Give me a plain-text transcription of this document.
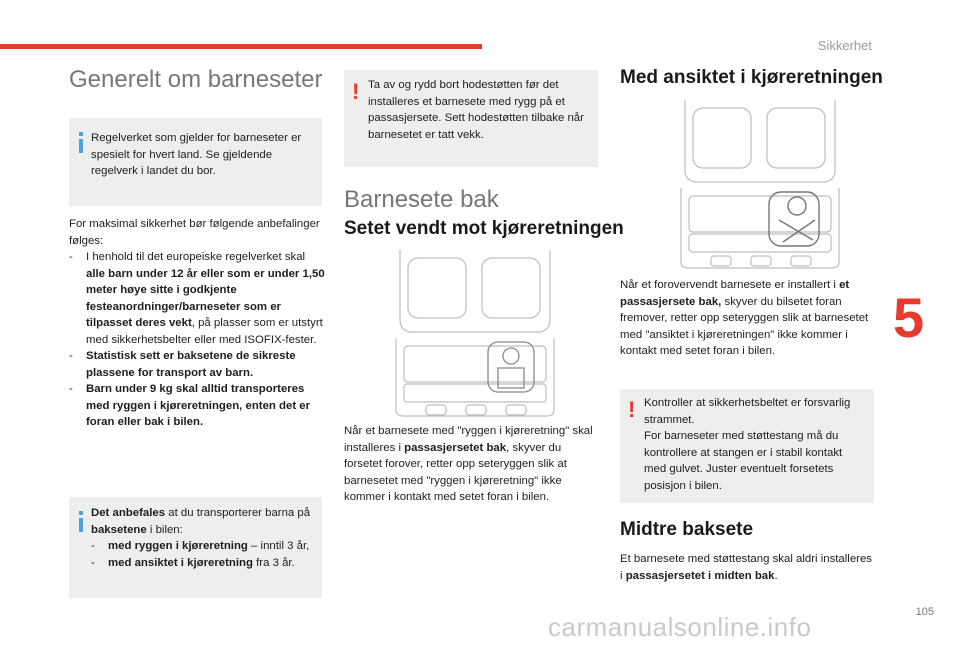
Sikkerhet
5
Generelt om barneseter

Regelverket som gjelder for barneseter er spesielt for hvert land. Se gjeldende regelverk i landet du bor.

For maksimal sikkerhet bør følgende anbefalinger følges:

- I henhold til det europeiske regelverket skal alle barn under 12 år eller som er under 1,50 meter høye sitte i godkjente festeanordninger/barneseter som er tilpasset deres vekt, på plasser som er utstyrt med sikkerhetsbelter eller med ISOFIX-fester.
- Statistisk sett er baksetene de sikreste plassene for transport av barn.
- Barn under 9 kg skal alltid transporteres med ryggen i kjøreretningen, enten det er foran eller bak i bilen.

Det anbefales at du transporterer barna på baksetene i bilen:

- med ryggen i kjøreretning – inntil 3 år,
- med ansiktet i kjøreretning fra 3 år.
! Ta av og rydd bort hodestøtten før det installeres et barnesete med rygg på et passasjersete. Sett hodestøtten tilbake når barnesetet er tatt vekk.

Barnesete bak
Setet vendt mot kjøreretningen
Når et barnesete med "ryggen i kjøreretning" skal installeres i passasjersetet bak, skyver du forsetet forover, retter opp seteryggen slik at barnesetet med "ryggen i kjøreretning" ikke kommer i kontakt med setet foran i bilen.
Med ansiktet i kjøreretningen
Når et forovervendt barnesete er installert i et passasjersete bak, skyver du bilsetet foran fremover, retter opp seteryggen slik at barnesetet med "ansiktet i kjøreretningen" ikke kommer i kontakt med setet foran i bilen.
! Kontroller at sikkerhetsbeltet er forsvarlig strammet.
For barneseter med støttestang må du kontrollere at stangen er i stabil kontakt med gulvet. Juster eventuelt forsetets posisjon i bilen.

Midtre baksete
Et barnesete med støttestang skal aldri installeres i passasjersetet i midten bak.
105
carmanualsonline.info
